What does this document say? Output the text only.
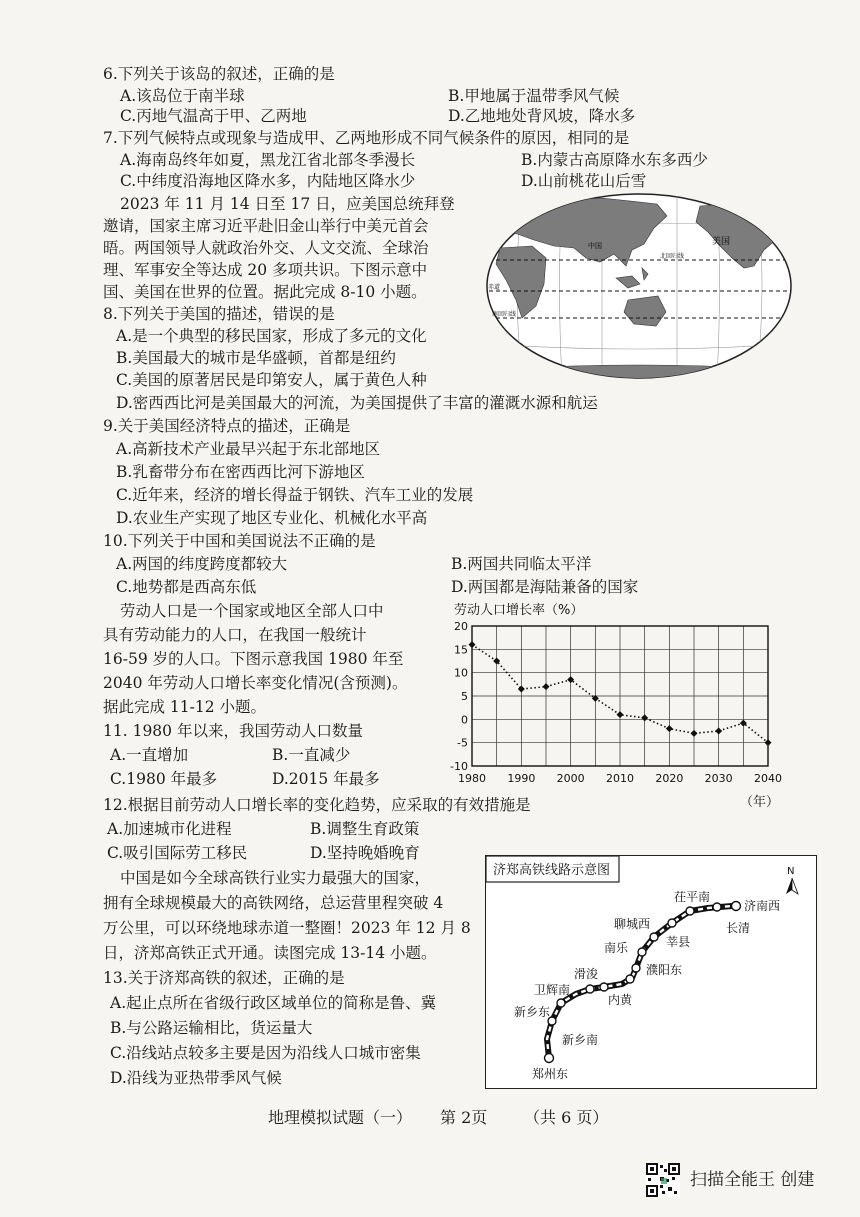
6.下列关于该岛的叙述，正确的是
A.该岛位于南半球	B.甲地属于温带季风气候
C.丙地气温高于甲、乙两地	D.乙地地处背风坡，降水多
7.下列气候特点或现象与造成甲、乙两地形成不同气候条件的原因，相同的是
A.海南岛终年如夏，黑龙江省北部冬季漫长	B.内蒙古高原降水东多西少
C.中纬度沿海地区降水多，内陆地区降水少	D.山前桃花山后雪
2023 年 11 月 14 日至 17 日，应美国总统拜登
邀请，国家主席习近平赴旧金山举行中美元首会
晤。两国领导人就政治外交、人文交流、全球治
理、军事安全等达成 20 多项共识。下图示意中
国、美国在世界的位置。据此完成 8-10 小题。
中国	美国
北回归线
赤道
南回归线
8.下列关于美国的描述，错误的是
A.是一个典型的移民国家，形成了多元的文化
B.美国最大的城市是华盛顿，首都是纽约
C.美国的原著居民是印第安人，属于黄色人种
D.密西西比河是美国最大的河流，为美国提供了丰富的灌溉水源和航运
9.关于美国经济特点的描述，正确是
A.高新技术产业最早兴起于东北部地区
B.乳畜带分布在密西西比河下游地区
C.近年来，经济的增长得益于钢铁、汽车工业的发展
D.农业生产实现了地区专业化、机械化水平高
10.下列关于中国和美国说法不正确的是
A.两国的纬度跨度都较大	B.两国共同临太平洋
C.地势都是西高东低	D.两国都是海陆兼备的国家
劳动人口是一个国家或地区全部人口中
具有劳动能力的人口，在我国一般统计
16-59 岁的人口。下图示意我国 1980 年至
2040 年劳动人口增长率变化情况(含预测)。
据此完成 11-12 小题。
劳动人口增长率（%）
20
15
10
5
0
-5
-10
1980 1990 2000 2010 2020 2030 2040
（年）
11. 1980 年以来，我国劳动人口数量
A.一直增加	B.一直减少
C.1980 年最多	D.2015 年最多
12.根据目前劳动人口增长率的变化趋势，应采取的有效措施是
A.加速城市化进程	B.调整生育政策
C.吸引国际劳工移民	D.坚持晚婚晚育
中国是如今全球高铁行业实力最强大的国家，
拥有全球规模最大的高铁网络，总运营里程突破 4
万公里，可以环绕地球赤道一整圈！2023 年 12 月 8
日，济郑高铁正式开通。读图完成 13-14 小题。
济郑高铁线路示意图	N
济南西
长清
茌平南
聊城西
莘县
南乐
濮阳东
内黄
滑浚
卫辉南
新乡东
新乡南
郑州东
13.关于济郑高铁的叙述，正确的是
A.起止点所在省级行政区域单位的简称是鲁、冀
B.与公路运输相比，货运量大
C.沿线站点较多主要是因为沿线人口城市密集
D.沿线为亚热带季风气候
地理模拟试题（一） 第 2页 （共 6 页）
扫描全能王 创建
